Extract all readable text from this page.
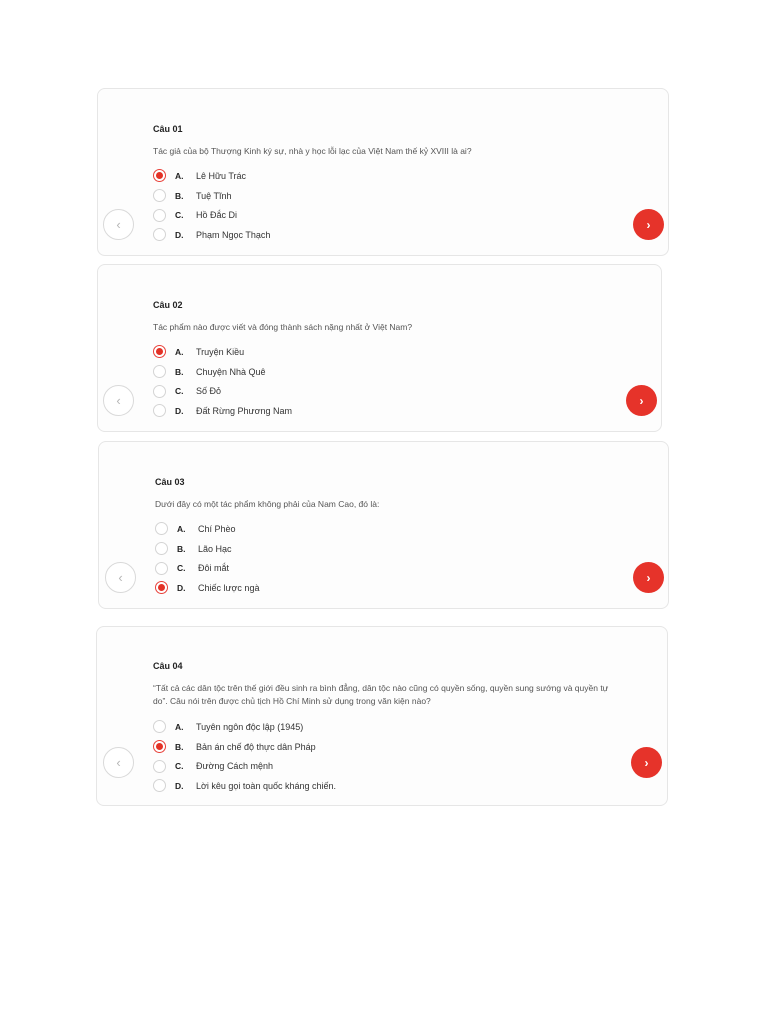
Câu 01
Tác giả của bộ Thượng Kinh ký sự, nhà y học lỗi lạc của Việt Nam thế kỷ XVIII là ai?
A.	Lê Hữu Trác
B.	Tuệ Tĩnh
C.	Hồ Đắc Di
D.	Phạm Ngọc Thạch
‹	›
Câu 02
Tác phẩm nào được viết và đóng thành sách nặng nhất ở Việt Nam?
A.	Truyện Kiều
B.	Chuyện Nhà Quê
C.	Số Đỏ
D.	Đất Rừng Phương Nam
‹	›
Câu 03
Dưới đây có một tác phẩm không phải của Nam Cao, đó là:
A.	Chí Phèo
B.	Lão Hạc
C.	Đôi mắt
D.	Chiếc lược ngà
‹	›
Câu 04
“Tất cả các dân tộc trên thế giới đều sinh ra bình đẳng, dân tộc nào cũng có quyền sống, quyền sung sướng và quyền tự do”. Câu nói trên được chủ tịch Hồ Chí Minh sử dụng trong văn kiện nào?
A.	Tuyên ngôn độc lập (1945)
B.	Bản án chế độ thực dân Pháp
C.	Đường Cách mệnh
D.	Lời kêu gọi toàn quốc kháng chiến.
‹	›
